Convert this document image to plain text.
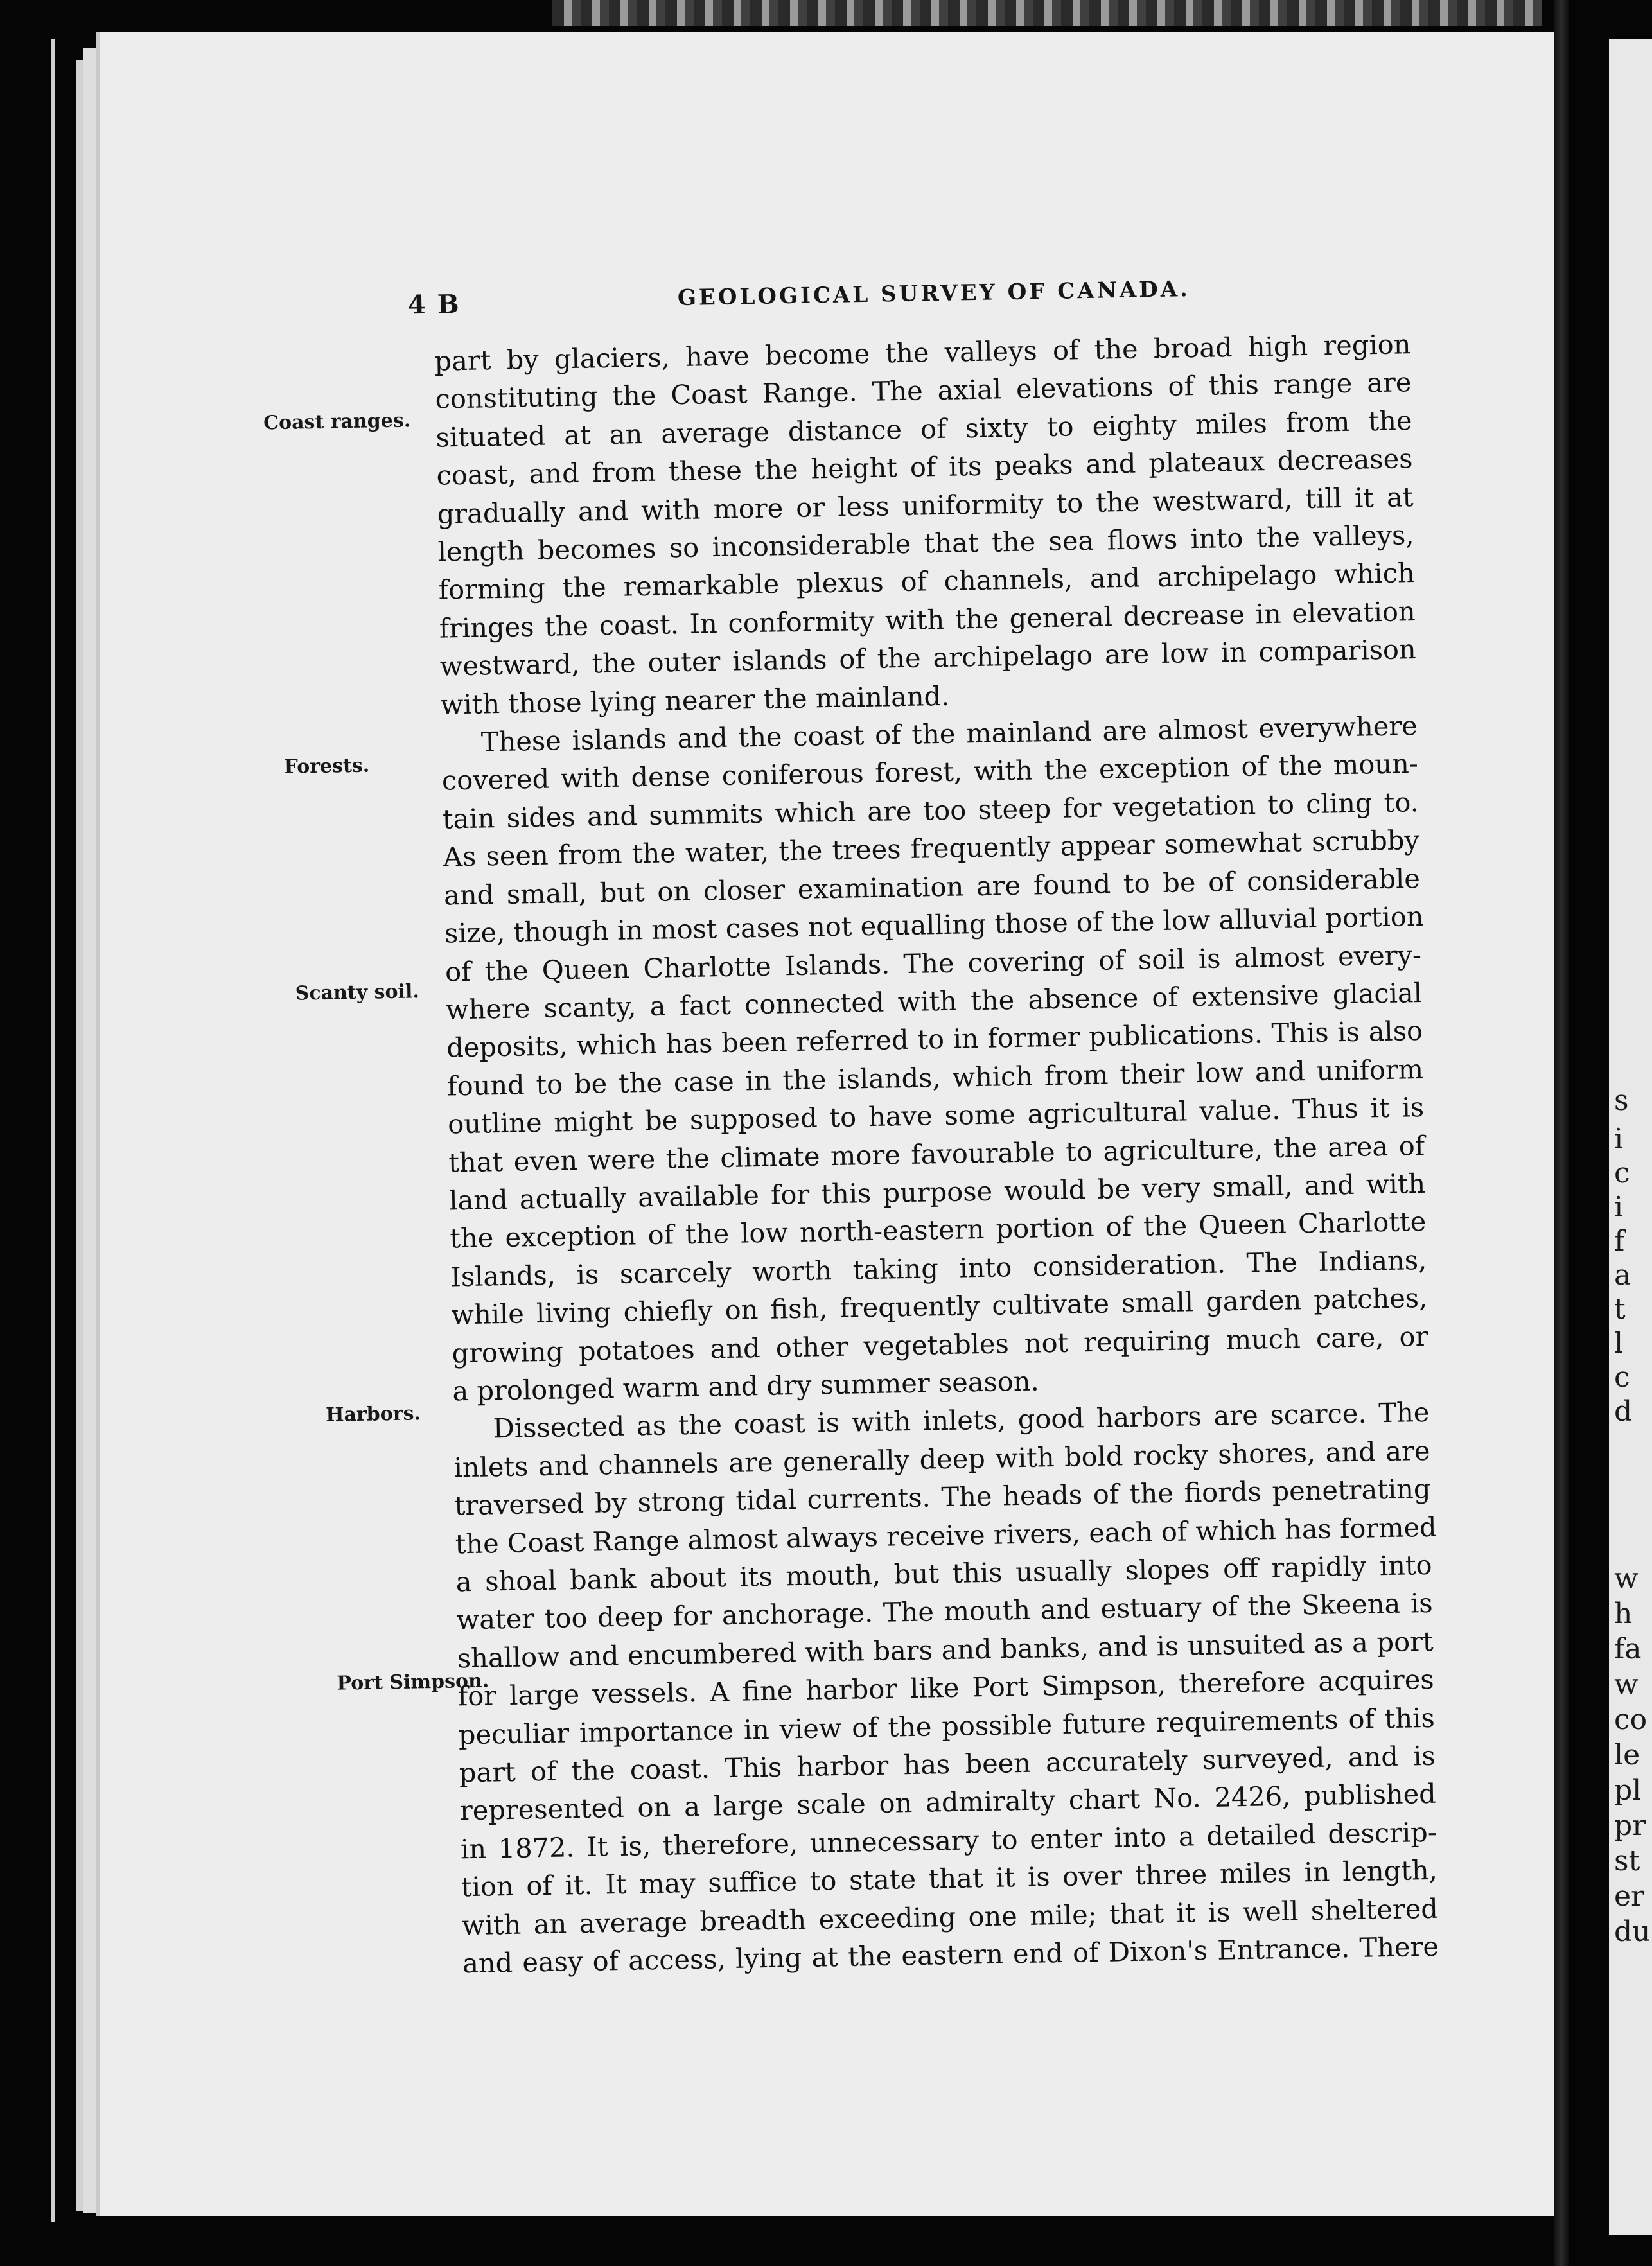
s
i
c
i
f
a
t
l
c
d
w
h
fa
w
co
le
pl
pr
st
er
du
4 B	GEOLOGICAL SURVEY OF CANADA.
Coast ranges.
Forests.
Scanty soil.
Harbors.
Port Simpson.
part by glaciers, have become the valleys of the broad high region
constituting the Coast Range. The axial elevations of this range are
situated at an average distance of sixty to eighty miles from the
coast, and from these the height of its peaks and plateaux decreases
gradually and with more or less uniformity to the westward, till it at
length becomes so inconsiderable that the sea flows into the valleys,
forming the remarkable plexus of channels, and archipelago which
fringes the coast. In conformity with the general decrease in elevation
westward, the outer islands of the archipelago are low in comparison
with those lying nearer the mainland.
These islands and the coast of the mainland are almost everywhere
covered with dense coniferous forest, with the exception of the moun-
tain sides and summits which are too steep for vegetation to cling to.
As seen from the water, the trees frequently appear somewhat scrubby
and small, but on closer examination are found to be of considerable
size, though in most cases not equalling those of the low alluvial portion
of the Queen Charlotte Islands. The covering of soil is almost every-
where scanty, a fact connected with the absence of extensive glacial
deposits, which has been referred to in former publications. This is also
found to be the case in the islands, which from their low and uniform
outline might be supposed to have some agricultural value. Thus it is
that even were the climate more favourable to agriculture, the area of
land actually available for this purpose would be very small, and with
the exception of the low north-eastern portion of the Queen Charlotte
Islands, is scarcely worth taking into consideration. The Indians,
while living chiefly on fish, frequently cultivate small garden patches,
growing potatoes and other vegetables not requiring much care, or
a prolonged warm and dry summer season.
Dissected as the coast is with inlets, good harbors are scarce. The
inlets and channels are generally deep with bold rocky shores, and are
traversed by strong tidal currents. The heads of the fiords penetrating
the Coast Range almost always receive rivers, each of which has formed
a shoal bank about its mouth, but this usually slopes off rapidly into
water too deep for anchorage. The mouth and estuary of the Skeena is
shallow and encumbered with bars and banks, and is unsuited as a port
for large vessels. A fine harbor like Port Simpson, therefore acquires
peculiar importance in view of the possible future requirements of this
part of the coast. This harbor has been accurately surveyed, and is
represented on a large scale on admiralty chart No. 2426, published
in 1872. It is, therefore, unnecessary to enter into a detailed descrip-
tion of it. It may suffice to state that it is over three miles in length,
with an average breadth exceeding one mile; that it is well sheltered
and easy of access, lying at the eastern end of Dixon's Entrance. There
